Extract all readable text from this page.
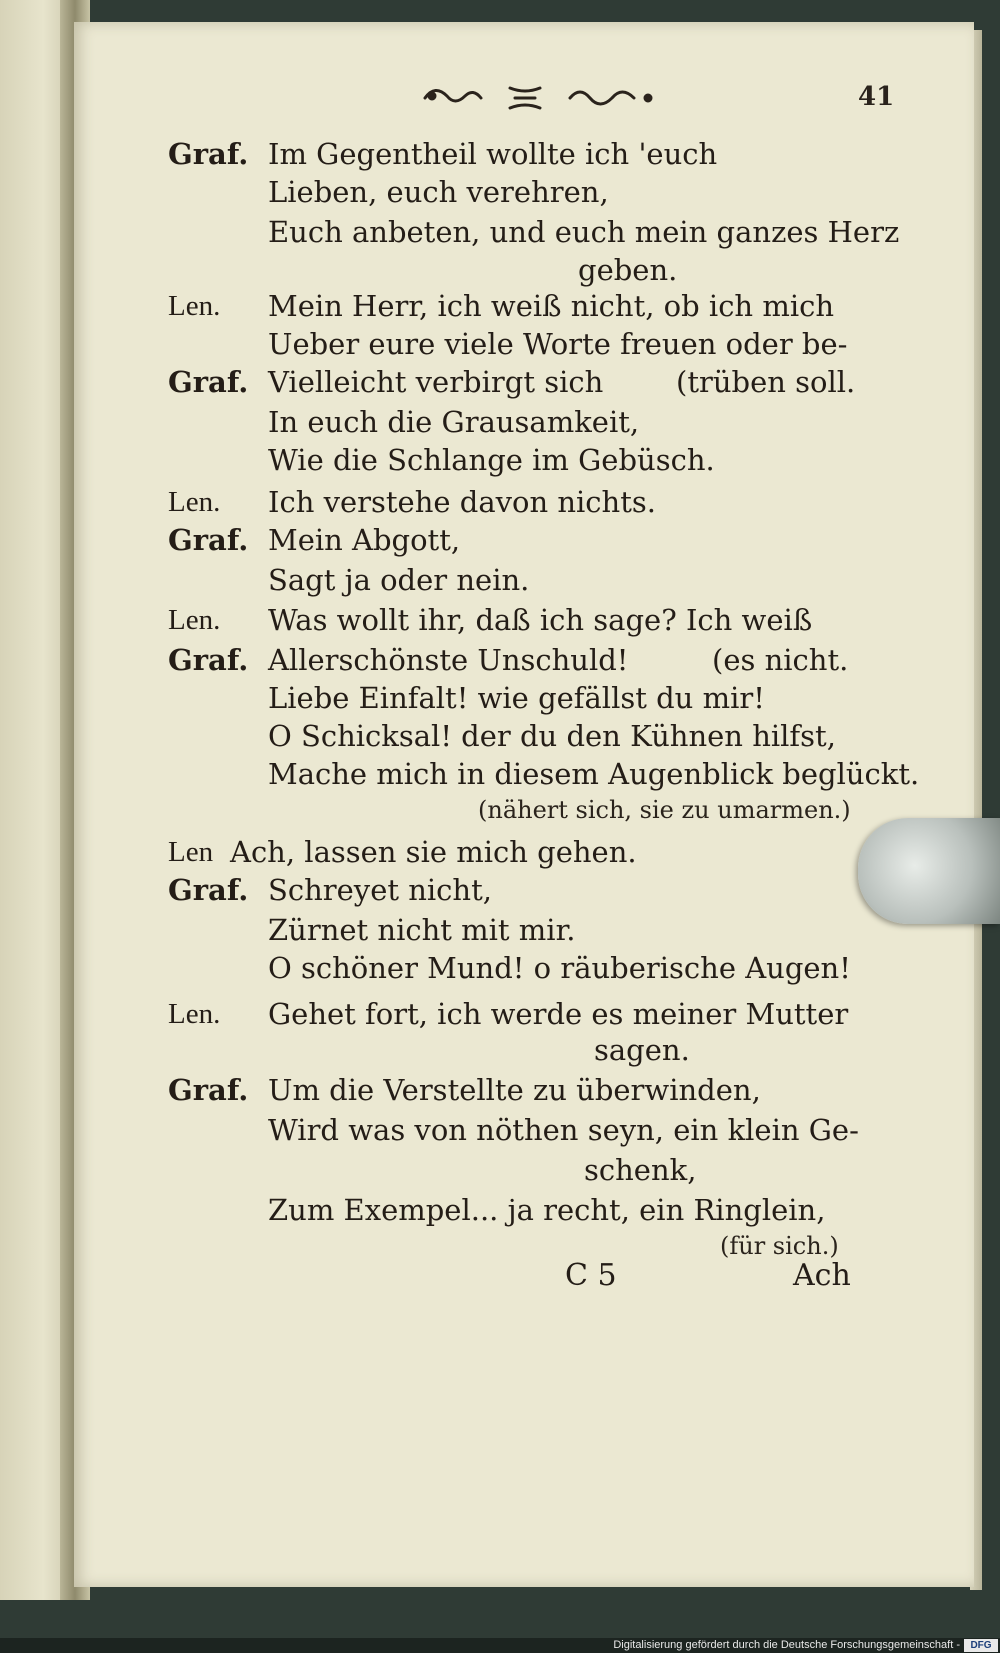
41
Graf. Im Gegentheil wollte ich 'euch
Lieben, euch verehren,
Euch anbeten, und euch mein ganzes Herz
geben.
Len. Mein Herr, ich weiß nicht, ob ich mich
Ueber eure viele Worte freuen oder be-
Graf. Vielleicht verbirgt sich	(trüben soll.
In euch die Grausamkeit,
Wie die Schlange im Gebüsch.
Len. Ich verstehe davon nichts.
Graf. Mein Abgott,
Sagt ja oder nein.
Len. Was wollt ihr, daß ich sage? Ich weiß
Graf. Allerschönste Unschuld!	(es nicht.
Liebe Einfalt! wie gefällst du mir!
O Schicksal! der du den Kühnen hilfst,
Mache mich in diesem Augenblick beglückt.
(nähert sich, sie zu umarmen.)
Len Ach, lassen sie mich gehen.
Graf. Schreyet nicht,
Zürnet nicht mit mir.
O schöner Mund! o räuberische Augen!
Len. Gehet fort, ich werde es meiner Mutter
sagen.
Graf. Um die Verstellte zu überwinden,
Wird was von nöthen seyn, ein klein Ge-
schenk,
Zum Exempel... ja recht, ein Ringlein,
(für sich.)
C 5	Ach
Digitalisierung gefördert durch die Deutsche Forschungsgemeinschaft -	DFG
